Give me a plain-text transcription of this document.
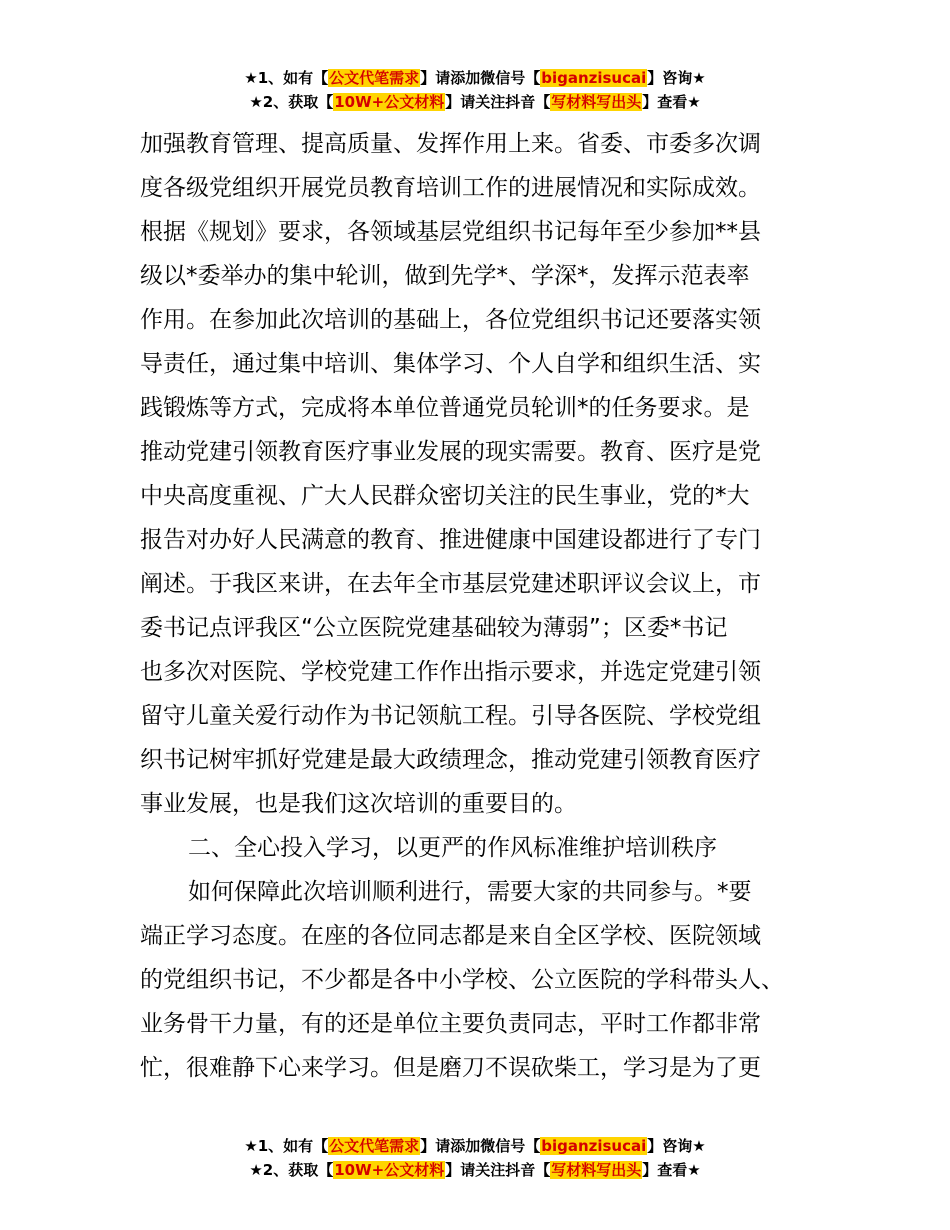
★1、如有【公文代笔需求】请添加微信号【biganzisucai】咨询★
★2、获取【10W+公文材料】请关注抖音【写材料写出头】查看★
加强教育管理、提高质量、发挥作用上来。省委、市委多次调
度各级党组织开展党员教育培训工作的进展情况和实际成效。
根据《规划》要求，各领域基层党组织书记每年至少参加**县
级以*委举办的集中轮训，做到先学*、学深*，发挥示范表率
作用。在参加此次培训的基础上，各位党组织书记还要落实领
导责任，通过集中培训、集体学习、个人自学和组织生活、实
践锻炼等方式，完成将本单位普通党员轮训*的任务要求。是
推动党建引领教育医疗事业发展的现实需要。教育、医疗是党
中央高度重视、广大人民群众密切关注的民生事业，党的*大
报告对办好人民满意的教育、推进健康中国建设都进行了专门
阐述。于我区来讲，在去年全市基层党建述职评议会议上，市
委书记点评我区“公立医院党建基础较为薄弱”；区委*书记
也多次对医院、学校党建工作作出指示要求，并选定党建引领
留守儿童关爱行动作为书记领航工程。引导各医院、学校党组
织书记树牢抓好党建是最大政绩理念，推动党建引领教育医疗
事业发展，也是我们这次培训的重要目的。
二、全心投入学习，以更严的作风标准维护培训秩序
如何保障此次培训顺利进行，需要大家的共同参与。*要
端正学习态度。在座的各位同志都是来自全区学校、医院领域
的党组织书记，不少都是各中小学校、公立医院的学科带头人、
业务骨干力量，有的还是单位主要负责同志，平时工作都非常
忙，很难静下心来学习。但是磨刀不误砍柴工，学习是为了更
★1、如有【公文代笔需求】请添加微信号【biganzisucai】咨询★
★2、获取【10W+公文材料】请关注抖音【写材料写出头】查看★
